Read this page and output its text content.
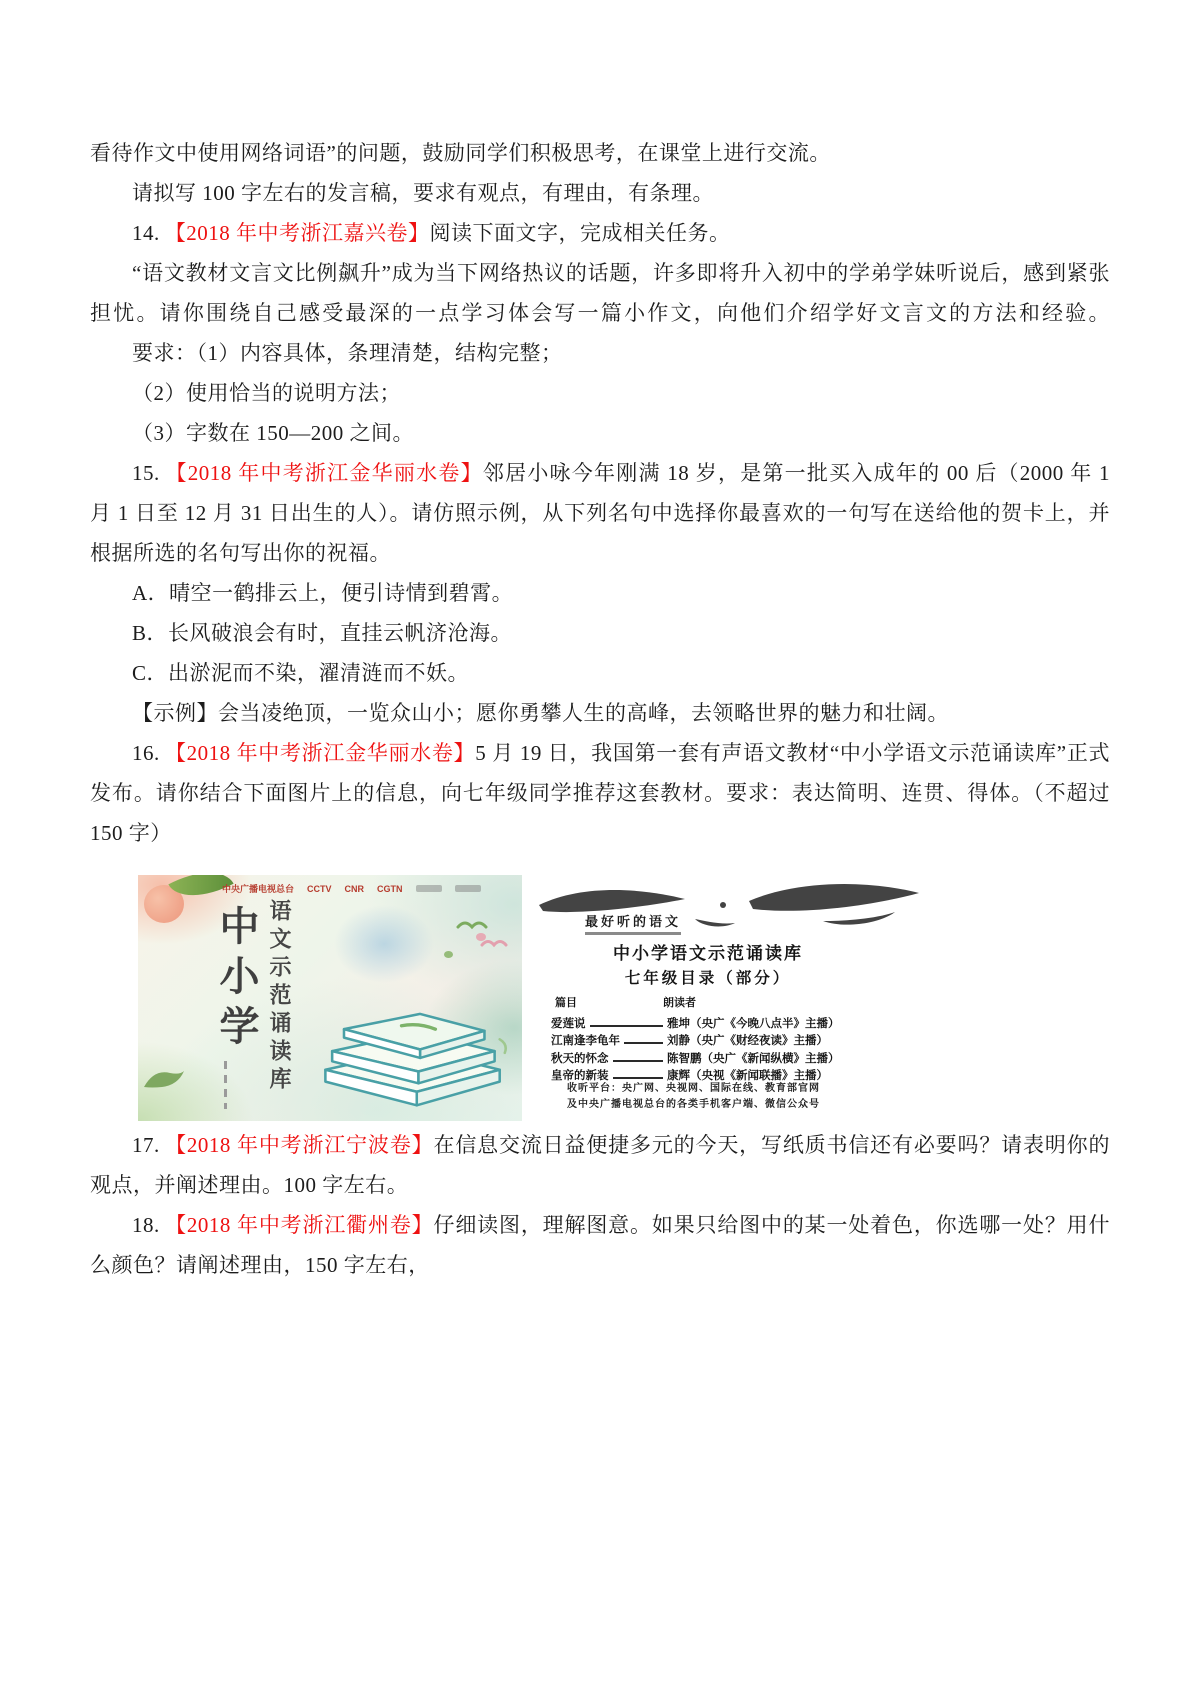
看待作文中使用网络词语”的问题，鼓励同学们积极思考，在课堂上进行交流。

请拟写 100 字左右的发言稿，要求有观点，有理由，有条理。

14. 【2018 年中考浙江嘉兴卷】阅读下面文字，完成相关任务。

“语文教材文言文比例飙升”成为当下网络热议的话题，许多即将升入初中的学弟学妹听说后，感到紧张

担忧。请你围绕自己感受最深的一点学习体会写一篇小作文，向他们介绍学好文言文的方法和经验。

要求：（1）内容具体，条理清楚，结构完整；

（2）使用恰当的说明方法；

（3）字数在 150—200 之间。

15. 【2018 年中考浙江金华丽水卷】邻居小咏今年刚满 18 岁，是第一批买入成年的 00 后（2000 年 1

月 1 日至 12 月 31 日出生的人）。请仿照示例，从下列名句中选择你最喜欢的一句写在送给他的贺卡上，并

根据所选的名句写出你的祝福。

A．晴空一鹤排云上，便引诗情到碧霄。

B．长风破浪会有时，直挂云帆济沧海。

C．出淤泥而不染，濯清涟而不妖。

【示例】会当凌绝顶，一览众山小；愿你勇攀人生的高峰，去领略世界的魅力和壮阔。

16. 【2018 年中考浙江金华丽水卷】5 月 19 日，我国第一套有声语文教材“中小学语文示范诵读库”正式

发布。请你结合下面图片上的信息，向七年级同学推荐这套教材。要求：表达简明、连贯、得体。（不超过

150 字）

中央广播电视总台 CCTV CNR CGTN
中小学 语文示范诵读库	最好听的语文
中小学语文示范诵读库
七年级目录（部分）
篇目	朗读者
爱莲说	雅坤（央广《今晚八点半》主播）
江南逢李龟年	刘静（央广《财经夜读》主播）
秋天的怀念	陈智鹏（央广《新闻纵横》主播）
皇帝的新装	康辉（央视《新闻联播》主播）
收听平台：央广网、央视网、国际在线、教育部官网
及中央广播电视总台的各类手机客户端、微信公众号

17. 【2018 年中考浙江宁波卷】在信息交流日益便捷多元的今天，写纸质书信还有必要吗？请表明你的

观点，并阐述理由。100 字左右。

18. 【2018 年中考浙江衢州卷】仔细读图，理解图意。如果只给图中的某一处着色，你选哪一处？用什

么颜色？请阐述理由，150 字左右，
